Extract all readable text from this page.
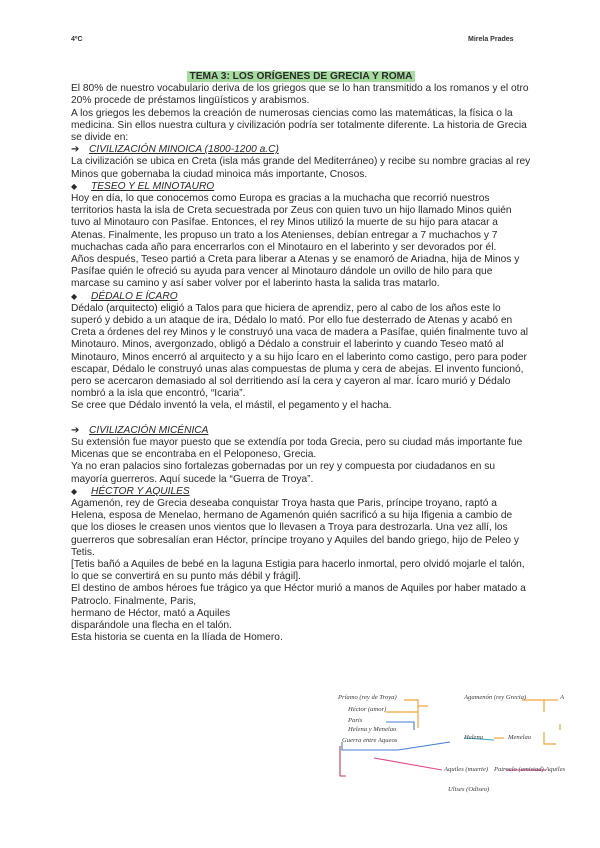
4ºC	Mirela Prades

TEMA 3: LOS ORÍGENES DE GRECIA Y ROMA

El 80% de nuestro vocabulario deriva de los griegos que se lo han transmitido a los romanos y el otro 20% procede de préstamos lingüísticos y arabismos.

A los griegos les debemos la creación de numerosas ciencias como las matemáticas, la física o la medicina. Sin ellos nuestra cultura y civilización podría ser totalmente diferente. La historia de Grecia se divide en:

➔ CIVILIZACIÓN MINOICA (1800-1200 a.C)

La civilización se ubica en Creta (isla más grande del Mediterráneo) y recibe su nombre gracias al rey Minos que gobernaba la ciudad minoica más importante, Cnosos.

◆ TESEO Y EL MINOTAURO

Hoy en día, lo que conocemos como Europa es gracias a la muchacha que recorrió nuestros territorios hasta la isla de Creta secuestrada por Zeus con quien tuvo un hijo llamado Minos quién tuvo al Minotauro con Pasífae. Entonces, el rey Minos utilizó la muerte de su hijo para atacar a Atenas. Finalmente, les propuso un trato a los Atenienses, debían entregar a 7 muchachos y 7 muchachas cada año para encerrarlos con el Minotauro en el laberinto y ser devorados por él.

Años después, Teseo partió a Creta para liberar a Atenas y se enamoró de Ariadna, hija de Minos y Pasífae quién le ofreció su ayuda para vencer al Minotauro dándole un ovillo de hilo para que marcase su camino y así saber volver por el laberinto hasta la salida tras matarlo.

◆ DÉDALO E ÍCARO

Dédalo (arquitecto) eligió a Talos para que hiciera de aprendiz, pero al cabo de los años este lo superó y debido a un ataque de ira, Dédalo lo mató. Por ello fue desterrado de Atenas y acabó en Creta a órdenes del rey Minos y le construyó una vaca de madera a Pasífae, quién finalmente tuvo al Minotauro. Minos, avergonzado, obligó a Dédalo a construir el laberinto y cuando Teseo mató al Minotauro, Minos encerró al arquitecto y a su hijo Ícaro en el laberinto como castigo, pero para poder escapar, Dédalo le construyó unas alas compuestas de pluma y cera de abejas. El invento funcionó, pero se acercaron demasiado al sol derritiendo así la cera y cayeron al mar. Ícaro murió y Dédalo nombró a la isla que encontró, “Icaria”.

Se cree que Dédalo inventó la vela, el mástil, el pegamento y el hacha.

➔ CIVILIZACIÓN MICÉNICA

Su extensión fue mayor puesto que se extendía por toda Grecia, pero su ciudad más importante fue Micenas que se encontraba en el Peloponeso, Grecia.

Ya no eran palacios sino fortalezas gobernadas por un rey y compuesta por ciudadanos en su mayoría guerreros. Aquí sucede la “Guerra de Troya”.

◆ HÉCTOR Y AQUILES

Agamenón, rey de Grecia deseaba conquistar Troya hasta que Paris, príncipe troyano, raptó a Helena, esposa de Menelao, hermano de Agamenón quién sacrificó a su hija Ifigenia a cambio de que los dioses le creasen unos vientos que lo llevasen a Troya para destrozarla. Una vez allí, los guerreros que sobresalían eran Héctor, príncipe troyano y Aquiles del bando griego, hijo de Peleo y Tetis.

[Tetis bañó a Aquiles de bebé en la laguna Estigia para hacerlo inmortal, pero olvidó mojarle el talón, lo que se convertirá en su punto más débil y frágil].

El destino de ambos héroes fue trágico ya que Héctor murió a manos de Aquiles por haber matado a Patroclo. Finalmente, Paris,

hermano de Héctor, mató a Aquiles

disparándole una flecha en el talón.

Esta historia se cuenta en la Ilíada de Homero.

Príamo (rey de Troya)
Héctor (amor)
Paris
Helena y Menelao
Guerra entre Aqueos
Agamenón (rey Grecia)
Helena	Menelao
A
Aquiles (muerte) Patroclo (amistad) Aquiles
Ulises (Odiseo)
